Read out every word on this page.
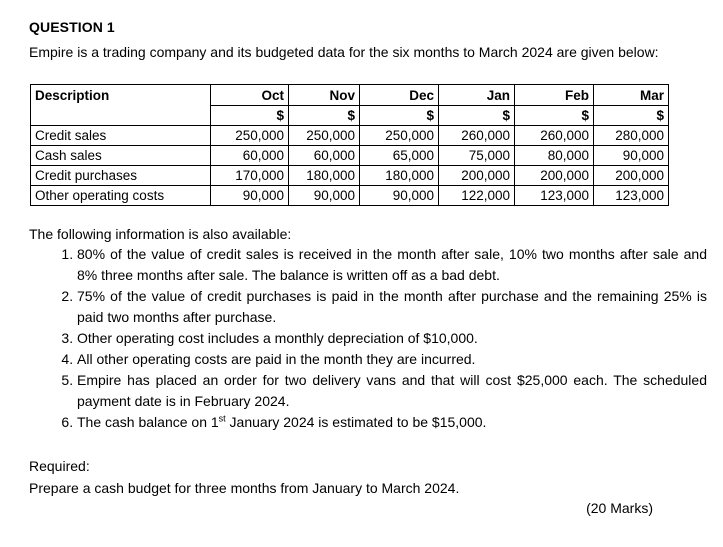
QUESTION 1
Empire is a trading company and its budgeted data for the six months to March 2024 are given below:
Description	Oct	Nov	Dec	Jan	Feb	Mar
	$	$	$	$	$	$
Credit sales	250,000	250,000	250,000	260,000	260,000	280,000
Cash sales	60,000	60,000	65,000	75,000	80,000	90,000
Credit purchases	170,000	180,000	180,000	200,000	200,000	200,000
Other operating costs	90,000	90,000	90,000	122,000	123,000	123,000
The following information is also available:
1. 80% of the value of credit sales is received in the month after sale, 10% two months after sale and 8% three months after sale. The balance is written off as a bad debt.
2. 75% of the value of credit purchases is paid in the month after purchase and the remaining 25% is paid two months after purchase.
3. Other operating cost includes a monthly depreciation of $10,000.
4. All other operating costs are paid in the month they are incurred.
5. Empire has placed an order for two delivery vans and that will cost $25,000 each. The scheduled payment date is in February 2024.
6. The cash balance on 1st January 2024 is estimated to be $15,000.
Required:
Prepare a cash budget for three months from January to March 2024.
(20 Marks)
